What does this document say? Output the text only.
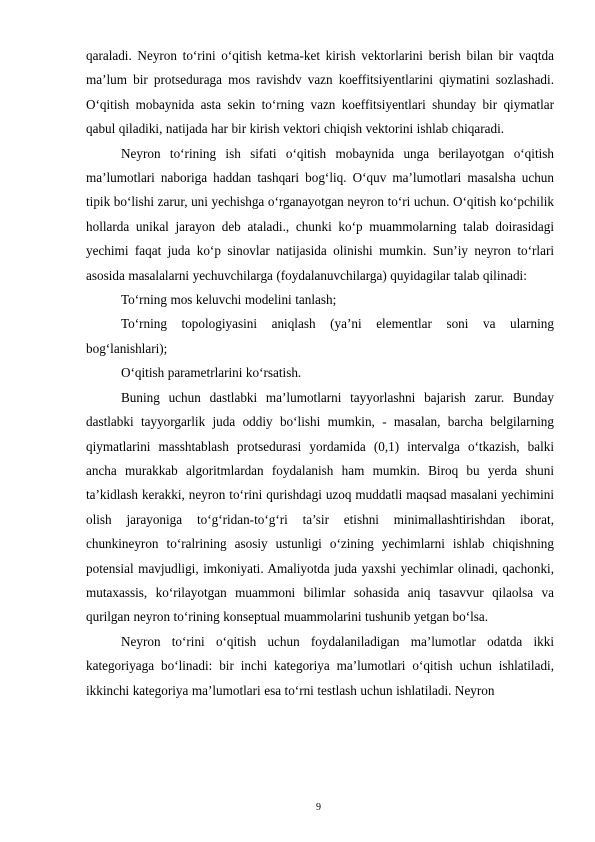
qaraladi. Neyron to‘rini o‘qitish ketma-ket kirish vektorlarini berish bilan bir vaqtda ma’lum bir protseduraga mos ravishdv vazn koeffitsiyentlarini qiymatini sozlashadi. O‘qitish mobaynida asta sekin to‘rning vazn koeffitsiyentlari shunday bir qiymatlar qabul qiladiki, natijada har bir kirish vektori chiqish vektorini ishlab chiqaradi.

Neyron to‘rining ish sifati o‘qitish mobaynida unga berilayotgan o‘qitish ma’lumotlari naboriga haddan tashqari bog‘liq. O‘quv ma’lumotlari masalsha uchun tipik bo‘lishi zarur, uni yechishga o‘rganayotgan neyron to‘ri uchun. O‘qitish ko‘pchilik hollarda unikal jarayon deb ataladi., chunki ko‘p muammolarning talab doirasidagi yechimi faqat juda ko‘p sinovlar natijasida olinishi mumkin. Sun’iy neyron to‘rlari asosida masalalarni yechuvchilarga (foydalanuvchilarga) quyidagilar talab qilinadi:

To‘rning mos keluvchi modelini tanlash;

To‘rning topologiyasini aniqlash (ya’ni elementlar soni va ularning bog‘lanishlari);

O‘qitish parametrlarini ko‘rsatish.

Buning uchun dastlabki ma’lumotlarni tayyorlashni bajarish zarur. Bunday dastlabki tayyorgarlik juda oddiy bo‘lishi mumkin, - masalan, barcha belgilarning qiymatlarini masshtablash protsedurasi yordamida (0,1) intervalga o‘tkazish, balki ancha murakkab algoritmlardan foydalanish ham mumkin. Biroq bu yerda shuni ta’kidlash kerakki, neyron to‘rini qurishdagi uzoq muddatli maqsad masalani yechimini olish jarayoniga to‘g‘ridan-to‘g‘ri ta’sir etishni minimallashtirishdan iborat, chunkineyron to‘ralrining asosiy ustunligi o‘zining yechimlarni ishlab chiqishning potensial mavjudligi, imkoniyati. Amaliyotda juda yaxshi yechimlar olinadi, qachonki, mutaxassis, ko‘rilayotgan muammoni bilimlar sohasida aniq tasavvur qilaolsa va qurilgan neyron to‘rining konseptual muammolarini tushunib yetgan bo‘lsa.

Neyron to‘rini o‘qitish uchun foydalaniladigan ma’lumotlar odatda ikki kategoriyaga bo‘linadi: bir inchi kategoriya ma’lumotlari o‘qitish uchun ishlatiladi, ikkinchi kategoriya ma’lumotlari esa to‘rni testlash uchun ishlatiladi. Neyron

9
